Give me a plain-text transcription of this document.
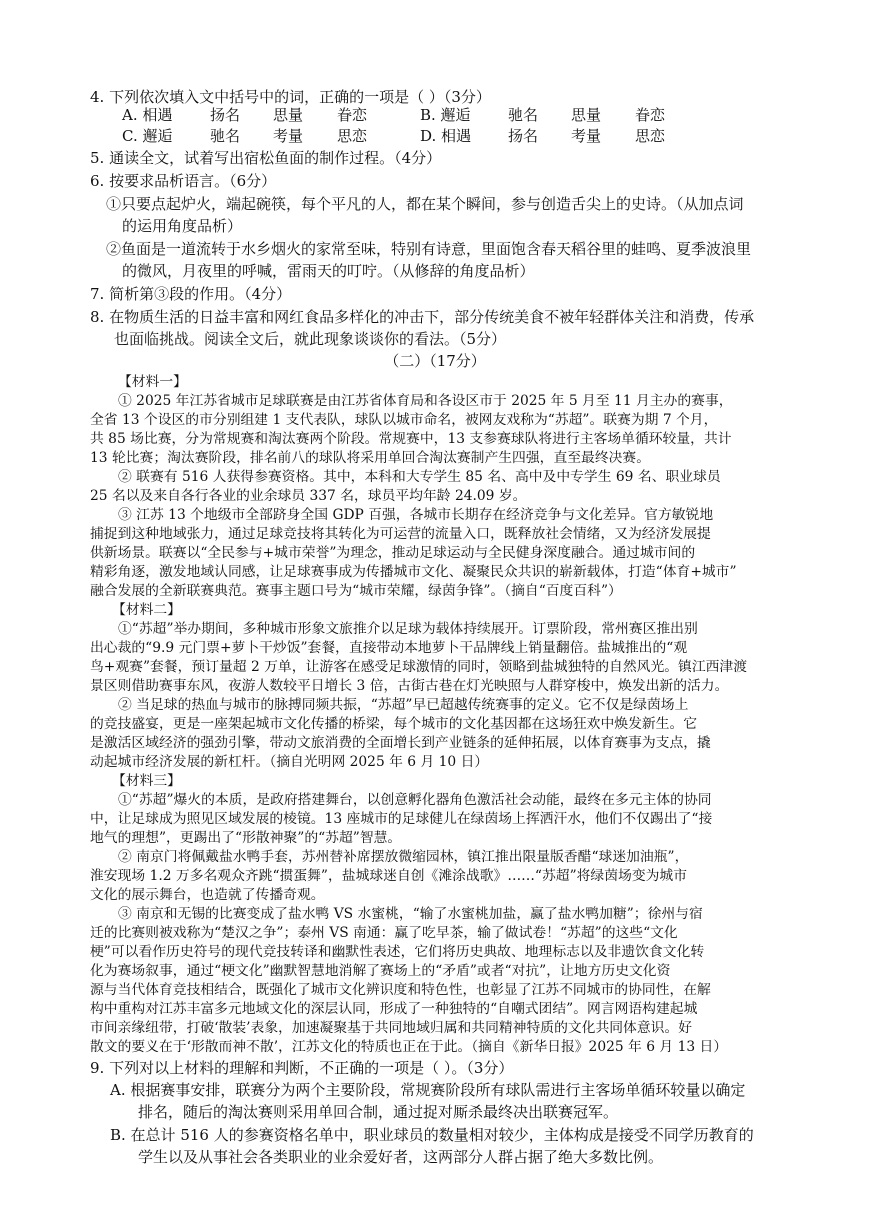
4. 下列依次填入文中括号中的词，正确的一项是（ ）（3分）
A. 相遇	扬名 思量 眷恋	B. 邂逅 驰名 思量 眷恋
C. 邂逅	驰名 考量 思恋	D. 相遇 扬名 考量 思恋
5. 通读全文，试着写出宿松鱼面的制作过程。（4分）
6. 按要求品析语言。（6分）
①只要点起炉火，端起碗筷，每个平凡的人，都在某个瞬间，参与创造舌尖上的史诗。（从加点词
的运用角度品析）
②鱼面是一道流转于水乡烟火的家常至味，特别有诗意，里面饱含春天稻谷里的蛙鸣、夏季波浪里
的微风，月夜里的呼喊，雷雨天的叮咛。（从修辞的角度品析）
7. 简析第③段的作用。（4分）
8. 在物质生活的日益丰富和网红食品多样化的冲击下，部分传统美食不被年轻群体关注和消费，传承
也面临挑战。阅读全文后，就此现象谈谈你的看法。（5分）
（二）（17分）
【材料一】
① 2025 年江苏省城市足球联赛是由江苏省体育局和各设区市于 2025 年 5 月至 11 月主办的赛事，
全省 13 个设区的市分别组建 1 支代表队，球队以城市命名，被网友戏称为“苏超”。联赛为期 7 个月，
共 85 场比赛，分为常规赛和淘汰赛两个阶段。常规赛中，13 支参赛球队将进行主客场单循环较量，共计
13 轮比赛；淘汰赛阶段，排名前八的球队将采用单回合淘汰赛制产生四强，直至最终决赛。
② 联赛有 516 人获得参赛资格。其中，本科和大专学生 85 名、高中及中专学生 69 名、职业球员
25 名以及来自各行各业的业余球员 337 名，球员平均年龄 24.09 岁。
③ 江苏 13 个地级市全部跻身全国 GDP 百强，各城市长期存在经济竞争与文化差异。官方敏锐地
捕捉到这种地域张力，通过足球竞技将其转化为可运营的流量入口，既释放社会情绪，又为经济发展提
供新场景。联赛以“全民参与+城市荣誉”为理念，推动足球运动与全民健身深度融合。通过城市间的
精彩角逐，激发地域认同感，让足球赛事成为传播城市文化、凝聚民众共识的崭新载体，打造“体育+城市”
融合发展的全新联赛典范。赛事主题口号为“城市荣耀，绿茵争锋”。（摘自“百度百科”）
【材料二】
①“苏超”举办期间，多种城市形象文旅推介以足球为载体持续展开。订票阶段，常州赛区推出别
出心裁的“9.9 元门票+萝卜干炒饭”套餐，直接带动本地萝卜干品牌线上销量翻倍。盐城推出的“观
鸟+观赛”套餐，预订量超 2 万单，让游客在感受足球激情的同时，领略到盐城独特的自然风光。镇江西津渡
景区则借助赛事东风，夜游人数较平日增长 3 倍，古街古巷在灯光映照与人群穿梭中，焕发出新的活力。
② 当足球的热血与城市的脉搏同频共振，“苏超”早已超越传统赛事的定义。它不仅是绿茵场上
的竞技盛宴，更是一座架起城市文化传播的桥梁，每个城市的文化基因都在这场狂欢中焕发新生。它
是激活区域经济的强劲引擎，带动文旅消费的全面增长到产业链条的延伸拓展，以体育赛事为支点，撬
动起城市经济发展的新杠杆。（摘自光明网 2025 年 6 月 10 日）
【材料三】
①“苏超”爆火的本质，是政府搭建舞台，以创意孵化器角色激活社会动能，最终在多元主体的协同
中，让足球成为照见区域发展的棱镜。13 座城市的足球健儿在绿茵场上挥洒汗水，他们不仅踢出了“接
地气的理想”，更踢出了“形散神聚”的“苏超”智慧。
② 南京门将佩戴盐水鸭手套，苏州替补席摆放微缩园林，镇江推出限量版香醋“球迷加油瓶”，
淮安现场 1.2 万多名观众齐跳“掼蛋舞”，盐城球迷自创《滩涂战歌》……“苏超”将绿茵场变为城市
文化的展示舞台，也造就了传播奇观。
③ 南京和无锡的比赛变成了盐水鸭 VS 水蜜桃，“输了水蜜桃加盐，赢了盐水鸭加糖”；徐州与宿
迁的比赛则被戏称为“楚汉之争”；泰州 VS 南通：赢了吃早茶，输了做试卷！“苏超”的这些“文化
梗”可以看作历史符号的现代竞技转译和幽默性表述，它们将历史典故、地理标志以及非遗饮食文化转
化为赛场叙事，通过“梗文化”幽默智慧地消解了赛场上的“矛盾”或者“对抗”，让地方历史文化资
源与当代体育竞技相结合，既强化了城市文化辨识度和特色性，也彰显了江苏不同城市的协同性，在解
构中重构对江苏丰富多元地域文化的深层认同，形成了一种独特的“自嘲式团结”。网言网语构建起城
市间亲缘纽带，打破‘散装’表象，加速凝聚基于共同地域归属和共同精神特质的文化共同体意识。好
散文的要义在于‘形散而神不散’，江苏文化的特质也正在于此。（摘自《新华日报》2025 年 6 月 13 日）
9. 下列对以上材料的理解和判断，不正确的一项是（ ）。（3分）
A. 根据赛事安排，联赛分为两个主要阶段，常规赛阶段所有球队需进行主客场单循环较量以确定
排名，随后的淘汰赛则采用单回合制，通过捉对厮杀最终决出联赛冠军。
B. 在总计 516 人的参赛资格名单中，职业球员的数量相对较少，主体构成是接受不同学历教育的
学生以及从事社会各类职业的业余爱好者，这两部分人群占据了绝大多数比例。
